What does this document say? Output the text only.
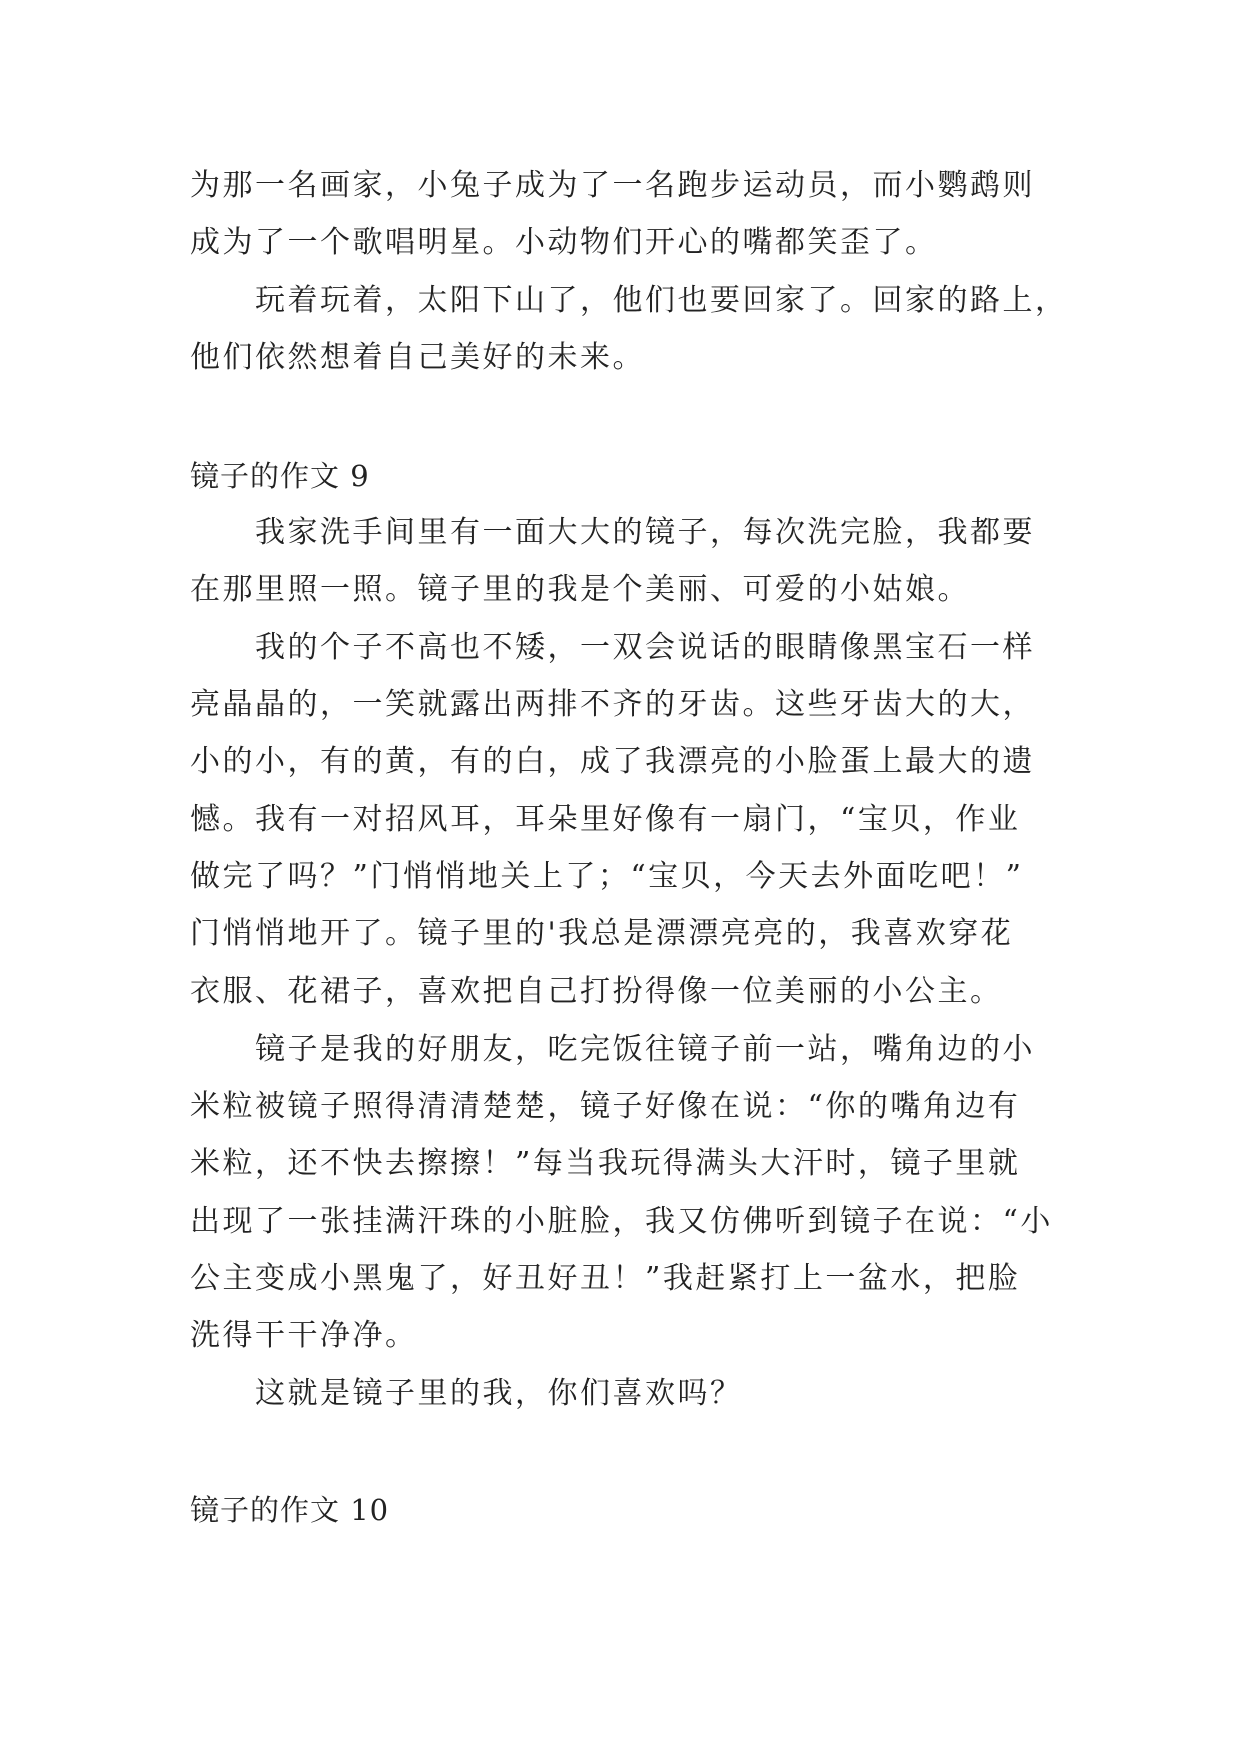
为那一名画家，小兔子成为了一名跑步运动员，而小鹦鹉则
成为了一个歌唱明星。小动物们开心的嘴都笑歪了。
玩着玩着，太阳下山了，他们也要回家了。回家的路上，
他们依然想着自己美好的未来。
镜子的作文 9
我家洗手间里有一面大大的镜子，每次洗完脸，我都要
在那里照一照。镜子里的我是个美丽、可爱的小姑娘。
我的个子不高也不矮，一双会说话的眼睛像黑宝石一样
亮晶晶的，一笑就露出两排不齐的牙齿。这些牙齿大的大，
小的小，有的黄，有的白，成了我漂亮的小脸蛋上最大的遗
憾。我有一对招风耳，耳朵里好像有一扇门，“宝贝，作业
做完了吗？”门悄悄地关上了；“宝贝，今天去外面吃吧！”
门悄悄地开了。镜子里的'我总是漂漂亮亮的，我喜欢穿花
衣服、花裙子，喜欢把自己打扮得像一位美丽的小公主。
镜子是我的好朋友，吃完饭往镜子前一站，嘴角边的小
米粒被镜子照得清清楚楚，镜子好像在说：“你的嘴角边有
米粒，还不快去擦擦！”每当我玩得满头大汗时，镜子里就
出现了一张挂满汗珠的小脏脸，我又仿佛听到镜子在说：“小
公主变成小黑鬼了，好丑好丑！”我赶紧打上一盆水，把脸
洗得干干净净。
这就是镜子里的我，你们喜欢吗？
镜子的作文 10
